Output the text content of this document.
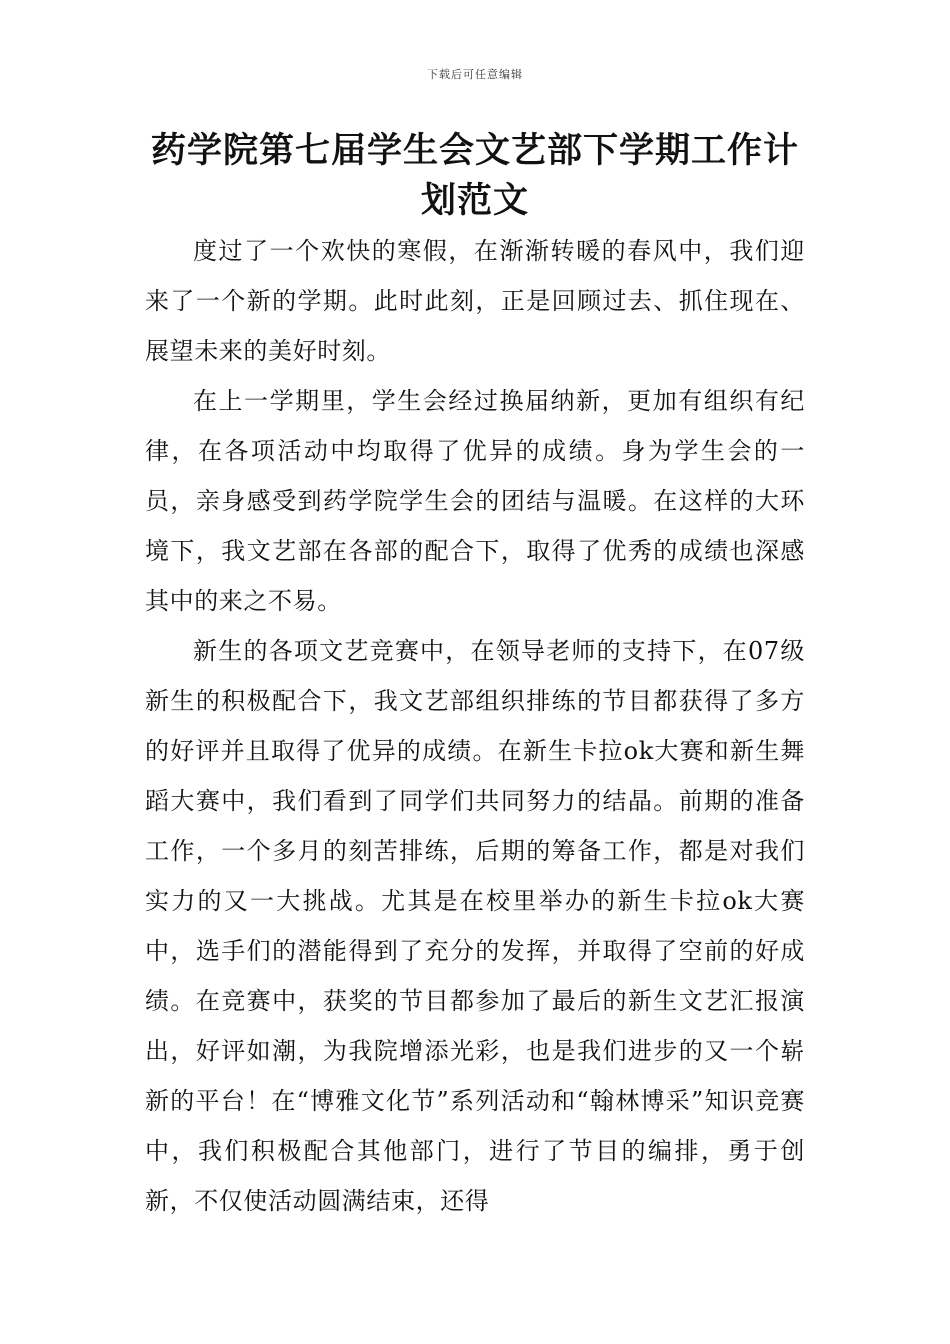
下载后可任意编辑
药学院第七届学生会文艺部下学期工作计划范文

度过了一个欢快的寒假，在渐渐转暖的春风中，我们迎来了一个新的学期。此时此刻，正是回顾过去、抓住现在、展望未来的美好时刻。

在上一学期里，学生会经过换届纳新，更加有组织有纪律，在各项活动中均取得了优异的成绩。身为学生会的一员，亲身感受到药学院学生会的团结与温暖。在这样的大环境下，我文艺部在各部的配合下，取得了优秀的成绩也深感其中的来之不易。

新生的各项文艺竞赛中，在领导老师的支持下，在07级新生的积极配合下，我文艺部组织排练的节目都获得了多方的好评并且取得了优异的成绩。在新生卡拉ok大赛和新生舞蹈大赛中，我们看到了同学们共同努力的结晶。前期的准备工作，一个多月的刻苦排练，后期的筹备工作，都是对我们实力的又一大挑战。尤其是在校里举办的新生卡拉ok大赛中，选手们的潜能得到了充分的发挥，并取得了空前的好成绩。在竞赛中，获奖的节目都参加了最后的新生文艺汇报演出，好评如潮，为我院增添光彩，也是我们进步的又一个崭新的平台！在“博雅文化节”系列活动和“翰林博采”知识竞赛中，我们积极配合其他部门，进行了节目的编排，勇于创新，不仅使活动圆满结束，还得
